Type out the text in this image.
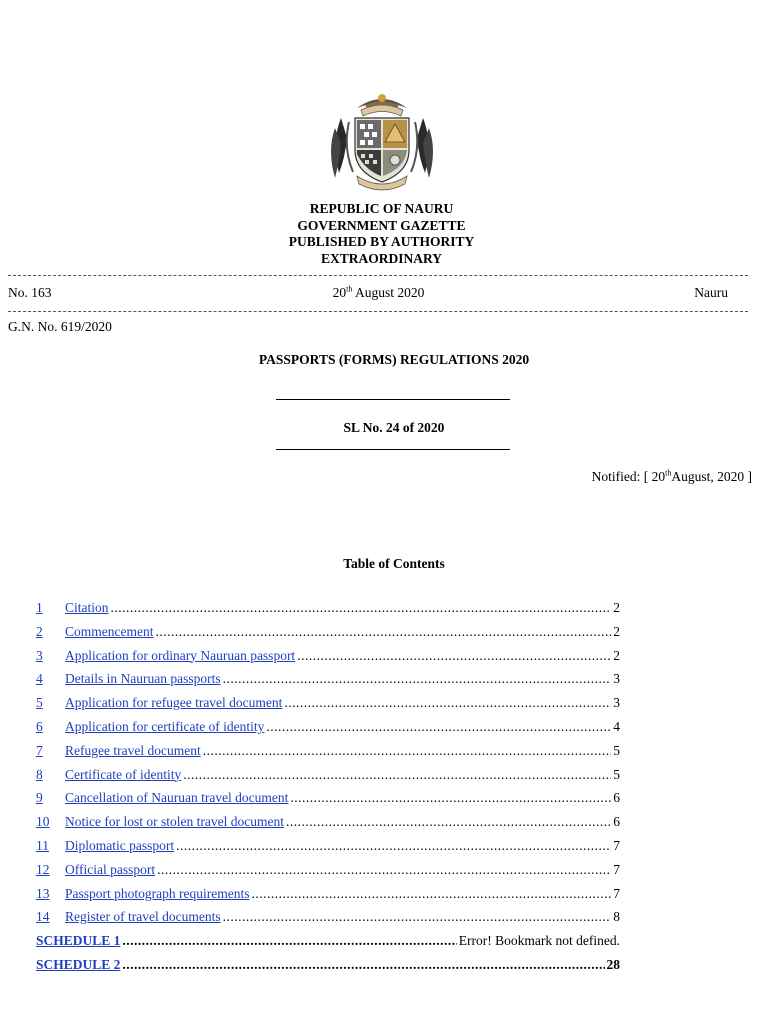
REPUBLIC OF NAURU
GOVERNMENT GAZETTE
PUBLISHED BY AUTHORITY
EXTRAORDINARY
No. 163	20th August 2020	Nauru
G.N. No. 619/2020
PASSPORTS (FORMS) REGULATIONS 2020
SL No. 24 of 2020
Notified: [ 20thAugust, 2020 ]
Table of Contents
1	Citation .....	2
2	Commencement .....	2
3	Application for ordinary Nauruan passport .....	2
4	Details in Nauruan passports .....	3
5	Application for refugee travel document .....	3
6	Application for certificate of identity .....	4
7	Refugee travel document .....	5
8	Certificate of identity .....	5
9	Cancellation of Nauruan travel document .....	6
10	Notice for lost or stolen travel document .....	6
11	Diplomatic passport .....	7
12	Official passport .....	7
13	Passport photograph requirements .....	7
14	Register of travel documents .....	8
SCHEDULE 1 .....	Error! Bookmark not defined.
SCHEDULE 2 .....	28
